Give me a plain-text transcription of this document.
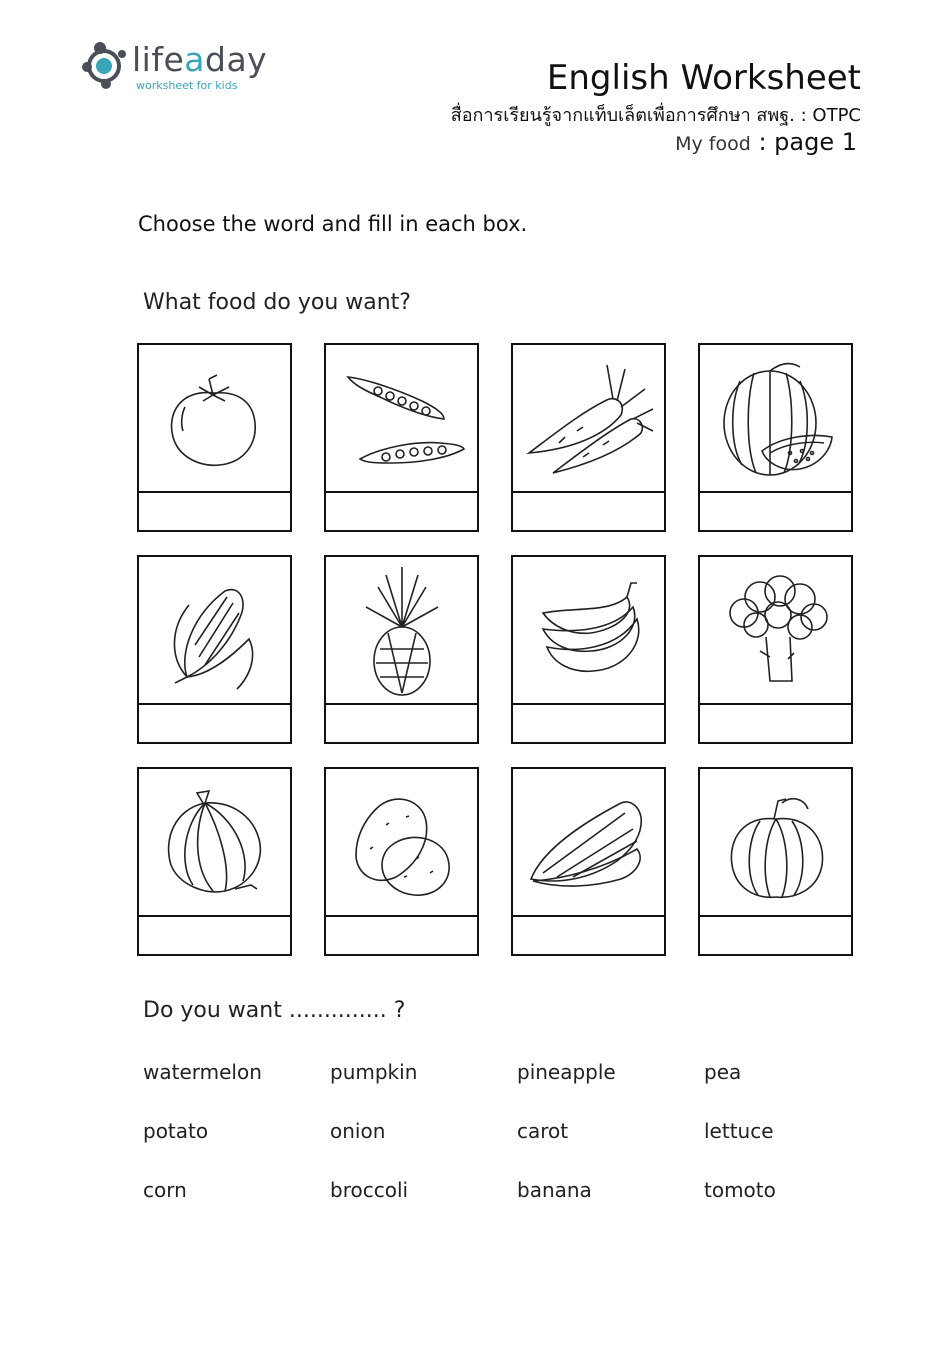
lifeaday
worksheet for kids	English Worksheet
สื่อการเรียนรู้จากแท็บเล็ตเพื่อการศึกษา สพฐ. : OTPC
My food : page 1
Choose the word and fill in each box.
What food do you want?
Do you want .............. ?
watermelon	pumpkin	pineapple	pea
potato	onion	carot	lettuce
corn	broccoli	banana	tomoto
